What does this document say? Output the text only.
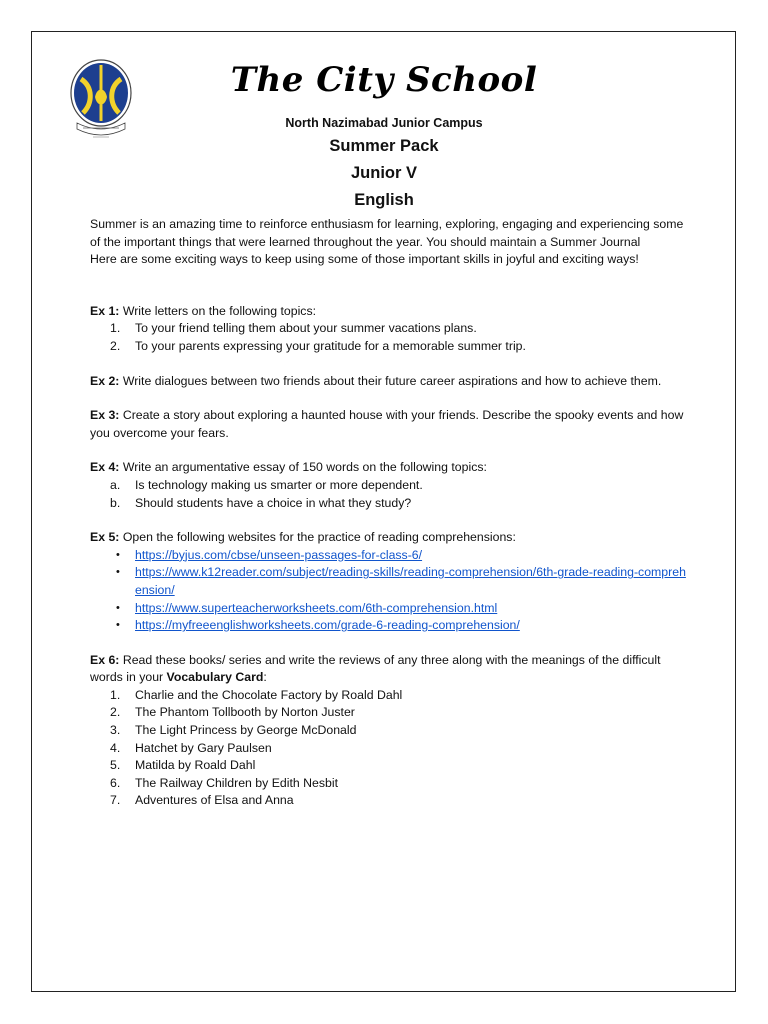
The City School
North Nazimabad Junior Campus
Summer Pack
Junior V
English

Summer is an amazing time to reinforce enthusiasm for learning, exploring, engaging and experiencing some of the important things that were learned throughout the year. You should maintain a Summer Journal

Here are some exciting ways to keep using some of those important skills in joyful and exciting ways!

Ex 1: Write letters on the following topics:

1. To your friend telling them about your summer vacations plans.
2. To your parents expressing your gratitude for a memorable summer trip.

Ex 2: Write dialogues between two friends about their future career aspirations and how to achieve them.

Ex 3: Create a story about exploring a haunted house with your friends. Describe the spooky events and how you overcome your fears.

Ex 4: Write an argumentative essay of 150 words on the following topics:

a. Is technology making us smarter or more dependent.
b. Should students have a choice in what they study?

Ex 5: Open the following websites for the practice of reading comprehensions:

• https://byjus.com/cbse/unseen-passages-for-class-6/
• https://www.k12reader.com/subject/reading-skills/reading-comprehension/6th-grade-reading-comprehension/
• https://www.superteacherworksheets.com/6th-comprehension.html
• https://myfreeenglishworksheets.com/grade-6-reading-comprehension/

Ex 6: Read these books/ series and write the reviews of any three along with the meanings of the difficult words in your Vocabulary Card:

1. Charlie and the Chocolate Factory by Roald Dahl
2. The Phantom Tollbooth by Norton Juster
3. The Light Princess by George McDonald
4. Hatchet by Gary Paulsen
5. Matilda by Roald Dahl
6. The Railway Children by Edith Nesbit
7. Adventures of Elsa and Anna
